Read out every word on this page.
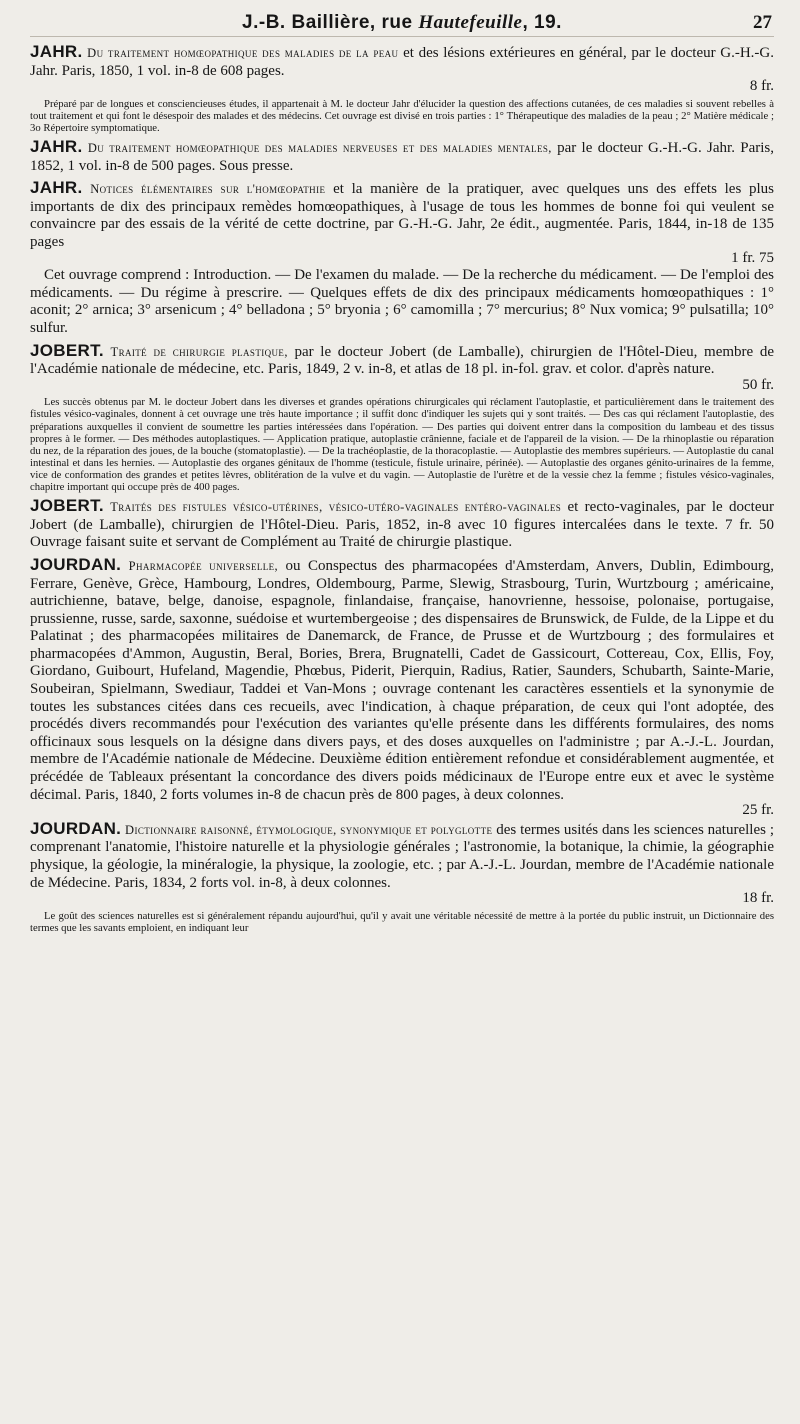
J.-B. Baillière, rue Hautefeuille, 19.	27

JAHR. Du traitement homœopathique des maladies de la peau et des lésions extérieures en général, par le docteur G.-H.-G. Jahr. Paris, 1850, 1 vol. in-8 de 608 pages.

8 fr.

Préparé par de longues et consciencieuses études, il appartenait à M. le docteur Jahr d'élucider la question des affections cutanées, de ces maladies si souvent rebelles à tout traitement et qui font le désespoir des malades et des médecins. Cet ouvrage est divisé en trois parties : 1° Thérapeutique des maladies de la peau ; 2° Matière médicale ; 3o Répertoire symptomatique.

JAHR. Du traitement homœopathique des maladies nerveuses et des maladies mentales, par le docteur G.-H.-G. Jahr. Paris, 1852, 1 vol. in-8 de 500 pages. Sous presse.

JAHR. Notices élémentaires sur l'homœopathie et la manière de la pratiquer, avec quelques uns des effets les plus importants de dix des principaux remèdes homœopathiques, à l'usage de tous les hommes de bonne foi qui veulent se convaincre par des essais de la vérité de cette doctrine, par G.-H.-G. Jahr, 2e édit., augmentée. Paris, 1844, in-18 de 135 pages

1 fr. 75

Cet ouvrage comprend : Introduction. — De l'examen du malade. — De la recherche du médicament. — De l'emploi des médicaments. — Du régime à prescrire. — Quelques effets de dix des principaux médicaments homœopathiques : 1° aconit; 2° arnica; 3° arsenicum ; 4° belladona ; 5° bryonia ; 6° camomilla ; 7° mercurius; 8° Nux vomica; 9° pulsatilla; 10° sulfur.

JOBERT. Traité de chirurgie plastique, par le docteur Jobert (de Lamballe), chirurgien de l'Hôtel-Dieu, membre de l'Académie nationale de médecine, etc. Paris, 1849, 2 v. in-8, et atlas de 18 pl. in-fol. grav. et color. d'après nature.

50 fr.

Les succès obtenus par M. le docteur Jobert dans les diverses et grandes opérations chirurgicales qui réclament l'autoplastie, et particulièrement dans le traitement des fistules vésico-vaginales, donnent à cet ouvrage une très haute importance ; il suffit donc d'indiquer les sujets qui y sont traités. — Des cas qui réclament l'autoplastie, des préparations auxquelles il convient de soumettre les parties intéressées dans l'opération. — Des parties qui doivent entrer dans la composition du lambeau et des tissus propres à le former. — Des méthodes autoplastiques. — Application pratique, autoplastie crânienne, faciale et de l'appareil de la vision. — De la rhinoplastie ou réparation du nez, de la réparation des joues, de la bouche (stomatoplastie). — De la trachéoplastie, de la thoracoplastie. — Autoplastie des membres supérieurs. — Autoplastie du canal intestinal et dans les hernies. — Autoplastie des organes génitaux de l'homme (testicule, fistule urinaire, périnée). — Autoplastie des organes génito-urinaires de la femme, vice de conformation des grandes et petites lèvres, oblitération de la vulve et du vagin. — Autoplastie de l'urètre et de la vessie chez la femme ; fistules vésico-vaginales, chapitre important qui occupe près de 400 pages.

JOBERT. Traités des fistules vésico-utérines, vésico-utéro-vaginales entéro-vaginales et recto-vaginales, par le docteur Jobert (de Lamballe), chirurgien de l'Hôtel-Dieu. Paris, 1852, in-8 avec 10 figures intercalées dans le texte. 7 fr. 50 Ouvrage faisant suite et servant de Complément au Traité de chirurgie plastique.

JOURDAN. Pharmacopée universelle, ou Conspectus des pharmacopées d'Amsterdam, Anvers, Dublin, Edimbourg, Ferrare, Genève, Grèce, Hambourg, Londres, Oldembourg, Parme, Slewig, Strasbourg, Turin, Wurtzbourg ; américaine, autrichienne, batave, belge, danoise, espagnole, finlandaise, française, hanovrienne, hessoise, polonaise, portugaise, prussienne, russe, sarde, saxonne, suédoise et wurtembergeoise ; des dispensaires de Brunswick, de Fulde, de la Lippe et du Palatinat ; des pharmacopées militaires de Danemarck, de France, de Prusse et de Wurtzbourg ; des formulaires et pharmacopées d'Ammon, Augustin, Beral, Bories, Brera, Brugnatelli, Cadet de Gassicourt, Cottereau, Cox, Ellis, Foy, Giordano, Guibourt, Hufeland, Magendie, Phœbus, Piderit, Pierquin, Radius, Ratier, Saunders, Schubarth, Sainte-Marie, Soubeiran, Spielmann, Swediaur, Taddei et Van-Mons ; ouvrage contenant les caractères essentiels et la synonymie de toutes les substances citées dans ces recueils, avec l'indication, à chaque préparation, de ceux qui l'ont adoptée, des procédés divers recommandés pour l'exécution des variantes qu'elle présente dans les différents formulaires, des noms officinaux sous lesquels on la désigne dans divers pays, et des doses auxquelles on l'administre ; par A.-J.-L. Jourdan, membre de l'Académie nationale de Médecine. Deuxième édition entièrement refondue et considérablement augmentée, et précédée de Tableaux présentant la concordance des divers poids médicinaux de l'Europe entre eux et avec le système décimal. Paris, 1840, 2 forts volumes in-8 de chacun près de 800 pages, à deux colonnes.

25 fr.

JOURDAN. Dictionnaire raisonné, étymologique, synonymique et polyglotte des termes usités dans les sciences naturelles ; comprenant l'anatomie, l'histoire naturelle et la physiologie générales ; l'astronomie, la botanique, la chimie, la géographie physique, la géologie, la minéralogie, la physique, la zoologie, etc. ; par A.-J.-L. Jourdan, membre de l'Académie nationale de Médecine. Paris, 1834, 2 forts vol. in-8, à deux colonnes.

18 fr.

Le goût des sciences naturelles est si généralement répandu aujourd'hui, qu'il y avait une véritable nécessité de mettre à la portée du public instruit, un Dictionnaire des termes que les savants emploient, en indiquant leur
